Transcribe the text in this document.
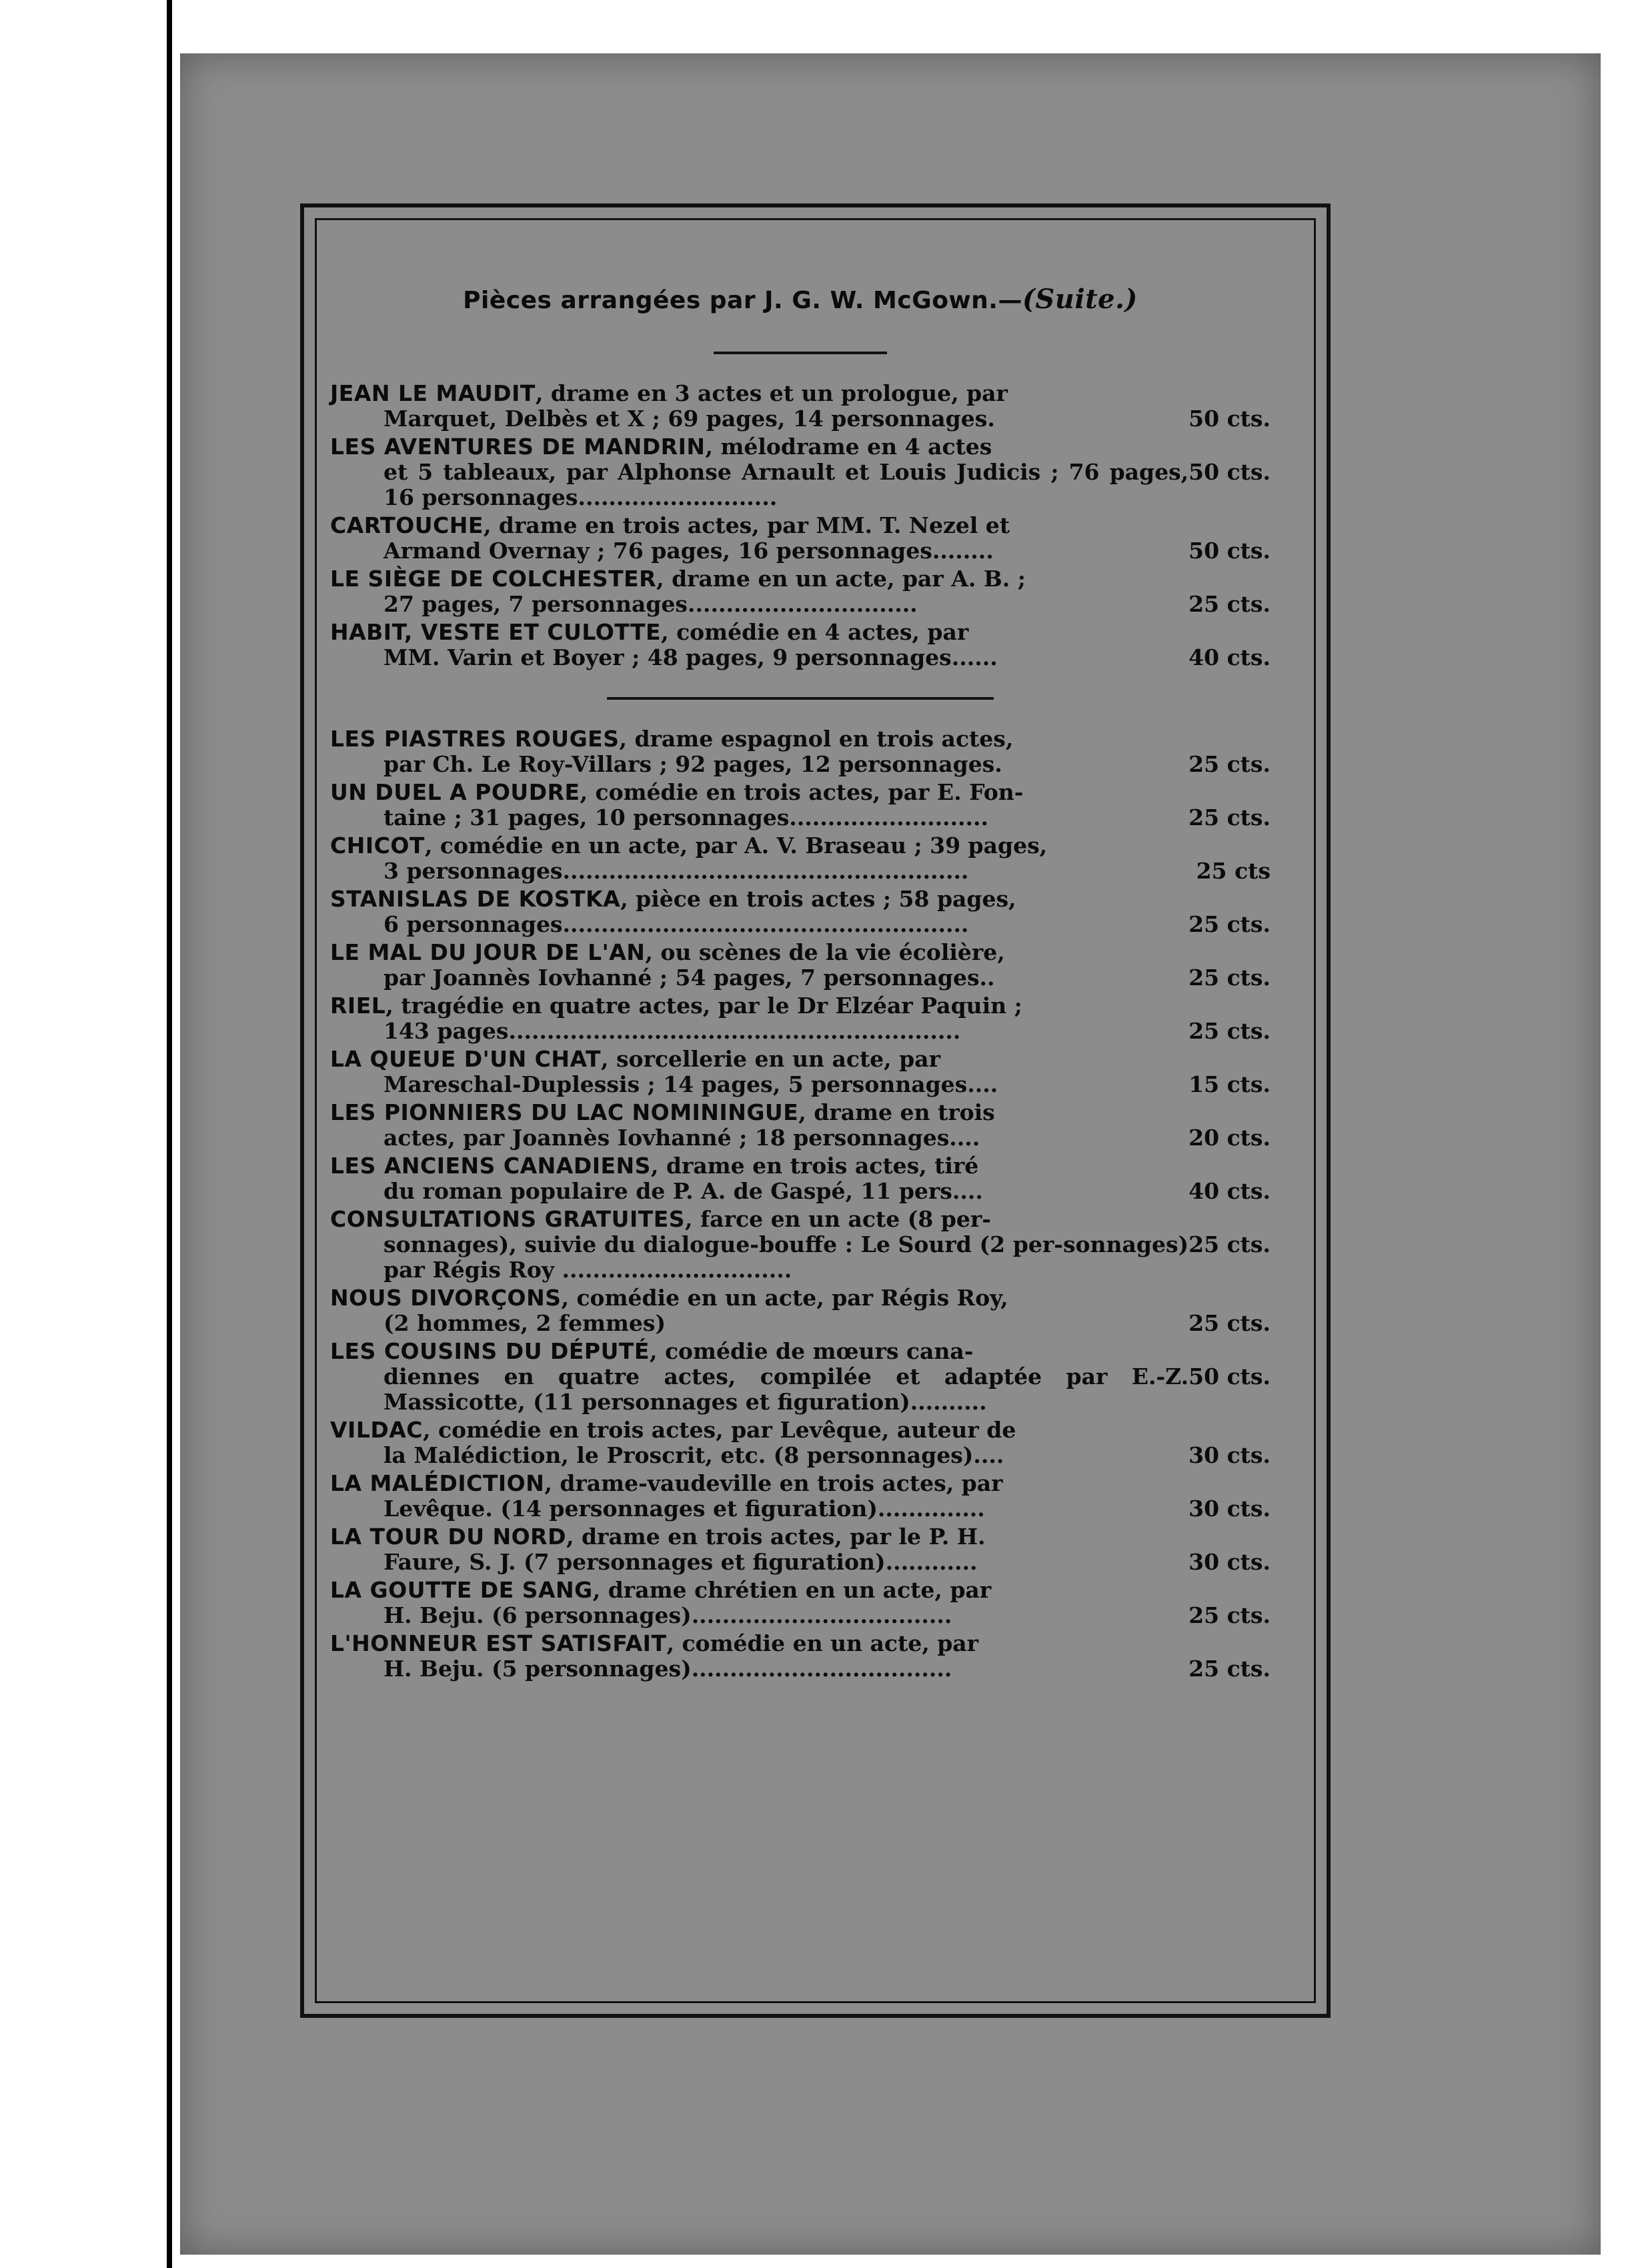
Pièces arrangées par J. G. W. McGown.—(Suite.)
JEAN LE MAUDIT, drame en 3 actes et un prologue, par
50 cts.
Marquet, Delbès et X ; 69 pages, 14 personnages.
LES AVENTURES DE MANDRIN, mélodrame en 4 actes
50 cts.
et 5 tableaux, par Alphonse Arnault et Louis Judicis ; 76 pages, 16 personnages..........................
CARTOUCHE, drame en trois actes, par MM. T. Nezel et
50 cts.
Armand Overnay ; 76 pages, 16 personnages........
LE SIÈGE DE COLCHESTER, drame en un acte, par A. B. ;
25 cts.
27 pages, 7 personnages..............................
HABIT, VESTE ET CULOTTE, comédie en 4 actes, par
40 cts.
MM. Varin et Boyer ; 48 pages, 9 personnages......
LES PIASTRES ROUGES, drame espagnol en trois actes,
25 cts.
par Ch. Le Roy-Villars ; 92 pages, 12 personnages.
UN DUEL A POUDRE, comédie en trois actes, par E. Fon-
25 cts.
taine ; 31 pages, 10 personnages..........................
CHICOT, comédie en un acte, par A. V. Braseau ; 39 pages,
25 cts
3 personnages.....................................................
STANISLAS DE KOSTKA, pièce en trois actes ; 58 pages,
25 cts.
6 personnages.....................................................
LE MAL DU JOUR DE L'AN, ou scènes de la vie écolière,
25 cts.
par Joannès Iovhanné ; 54 pages, 7 personnages..
RIEL, tragédie en quatre actes, par le Dr Elzéar Paquin ;
25 cts.
143 pages...........................................................
LA QUEUE D'UN CHAT, sorcellerie en un acte, par
15 cts.
Mareschal-Duplessis ; 14 pages, 5 personnages....
LES PIONNIERS DU LAC NOMININGUE, drame en trois
20 cts.
actes, par Joannès Iovhanné ; 18 personnages....
LES ANCIENS CANADIENS, drame en trois actes, tiré
40 cts.
du roman populaire de P. A. de Gaspé, 11 pers....
CONSULTATIONS GRATUITES, farce en un acte (8 per-
25 cts.
sonnages), suivie du dialogue-bouffe : Le Sourd (2 per-sonnages) par Régis Roy ..............................
NOUS DIVORÇONS, comédie en un acte, par Régis Roy,
25 cts.
(2 hommes, 2 femmes)
LES COUSINS DU DÉPUTÉ, comédie de mœurs cana-
50 cts.
diennes en quatre actes, compilée et adaptée par E.-Z. Massicotte, (11 personnages et figuration)..........
VILDAC, comédie en trois actes, par Levêque, auteur de
30 cts.
la Malédiction, le Proscrit, etc. (8 personnages)....
LA MALÉDICTION, drame-vaudeville en trois actes, par
30 cts.
Levêque. (14 personnages et figuration)..............
LA TOUR DU NORD, drame en trois actes, par le P. H.
30 cts.
Faure, S. J. (7 personnages et figuration)............
LA GOUTTE DE SANG, drame chrétien en un acte, par
25 cts.
H. Beju. (6 personnages)..................................
L'HONNEUR EST SATISFAIT, comédie en un acte, par
25 cts.
H. Beju. (5 personnages)..................................
